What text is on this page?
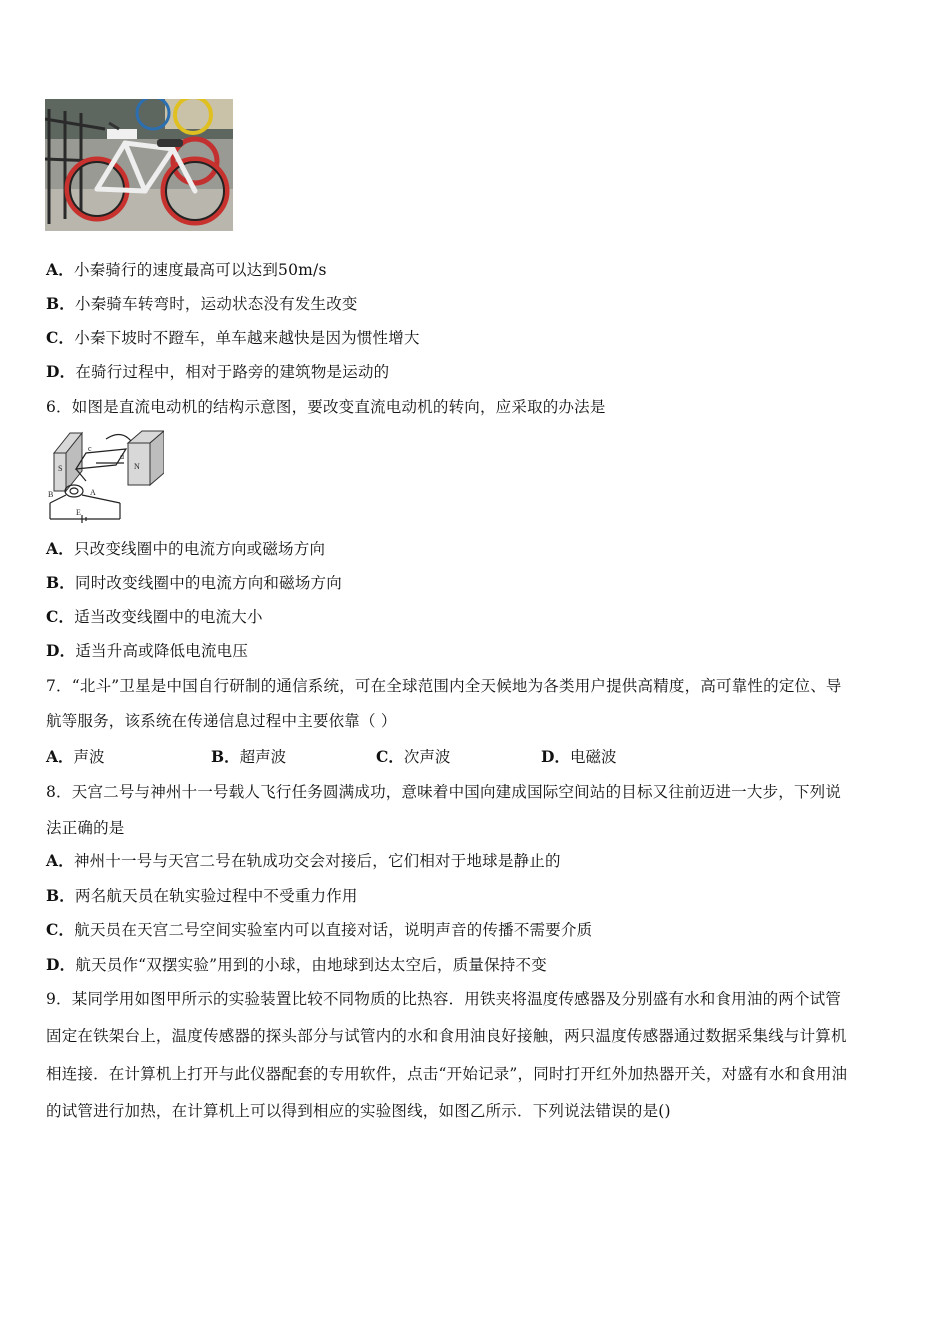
A．小秦骑行的速度最高可以达到50m/s
B．小秦骑车转弯时，运动状态没有发生改变
C．小秦下坡时不蹬车，单车越来越快是因为惯性增大
D．在骑行过程中，相对于路旁的建筑物是运动的
6．如图是直流电动机的结构示意图，要改变直流电动机的转向，应采取的办法是
S	N
A
B
E
c
d
A．只改变线圈中的电流方向或磁场方向
B．同时改变线圈中的电流方向和磁场方向
C．适当改变线圈中的电流大小
D．适当升高或降低电流电压
7．“北斗”卫星是中国自行研制的通信系统，可在全球范围内全天候地为各类用户提供高精度，高可靠性的定位、导
航等服务，该系统在传递信息过程中主要依靠（ ）
A．声波	B．超声波	C．次声波	D．电磁波
8．天宫二号与神州十一号载人飞行任务圆满成功，意味着中国向建成国际空间站的目标又往前迈进一大步，下列说
法正确的是
A．神州十一号与天宫二号在轨成功交会对接后，它们相对于地球是静止的
B．两名航天员在轨实验过程中不受重力作用
C．航天员在天宫二号空间实验室内可以直接对话，说明声音的传播不需要介质
D．航天员作“双摆实验”用到的小球，由地球到达太空后，质量保持不变
9．某同学用如图甲所示的实验装置比较不同物质的比热容．用铁夹将温度传感器及分别盛有水和食用油的两个试管
固定在铁架台上，温度传感器的探头部分与试管内的水和食用油良好接触，两只温度传感器通过数据采集线与计算机
相连接．在计算机上打开与此仪器配套的专用软件，点击“开始记录”，同时打开红外加热器开关，对盛有水和食用油
的试管进行加热，在计算机上可以得到相应的实验图线，如图乙所示．下列说法错误的是()
